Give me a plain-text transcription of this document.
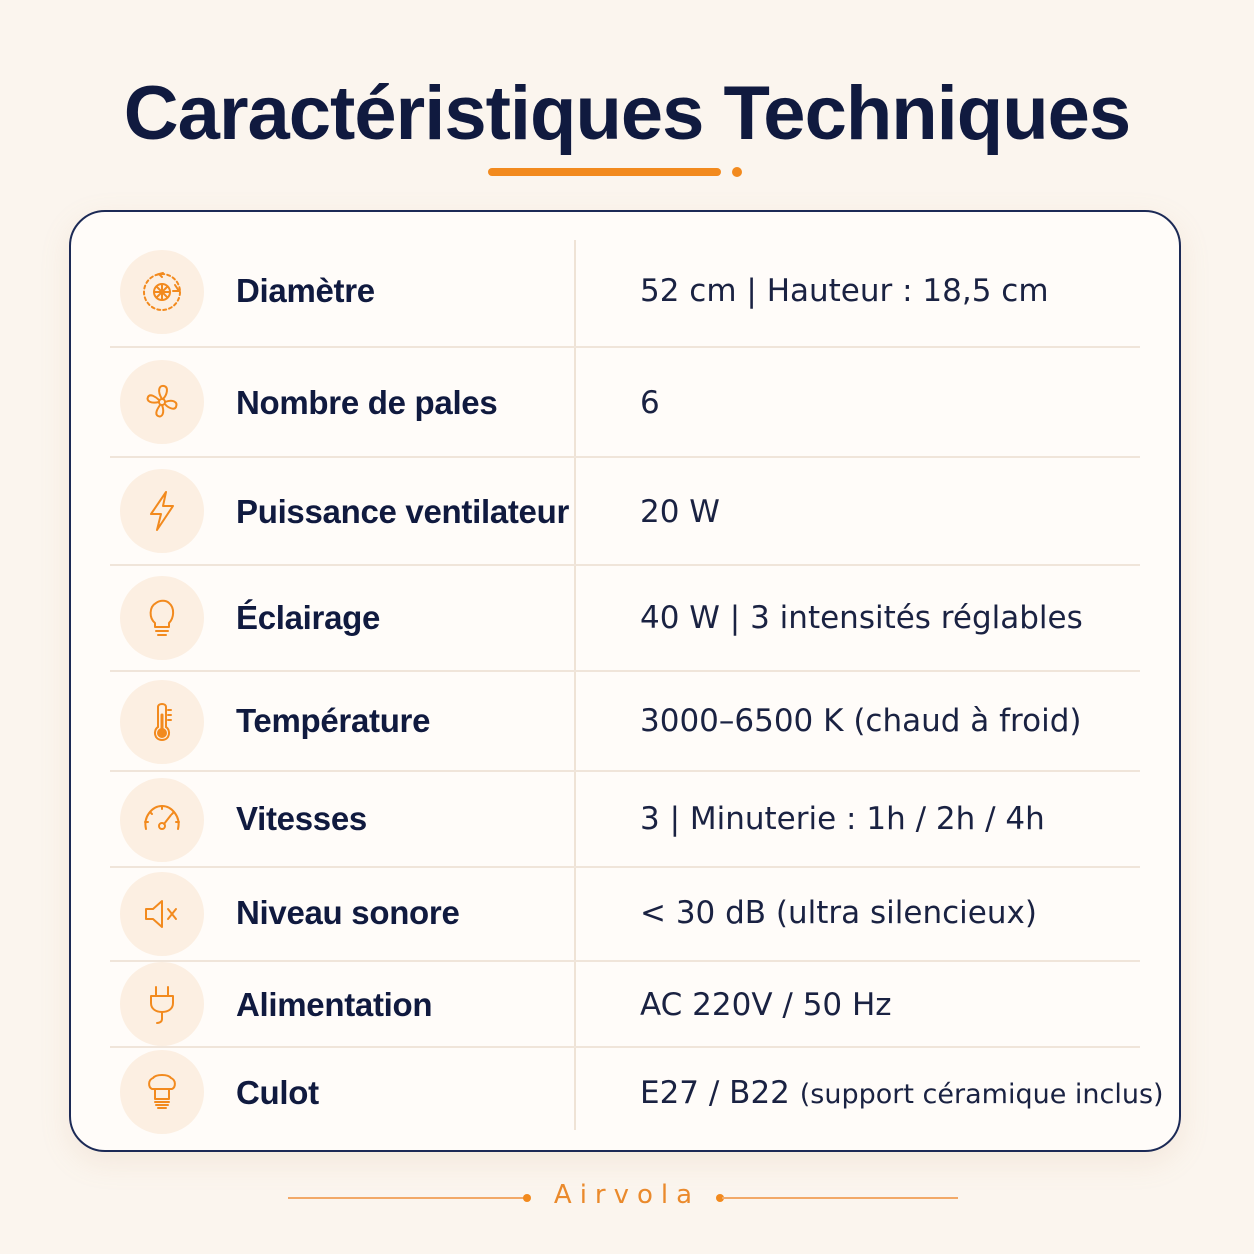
Caractéristiques Techniques
Diamètre	52 cm | Hauteur : 18,5 cm
Nombre de pales	6
Puissance ventilateur 20 W
Éclairage	40 W | 3 intensités réglables
Température	3000–6500 K (chaud à froid)
Vitesses	3 | Minuterie : 1h / 2h / 4h
Niveau sonore	< 30 dB (ultra silencieux)
Alimentation	AC 220V / 50 Hz
Culot	E27 / B22 (support céramique inclus)
Airvola
